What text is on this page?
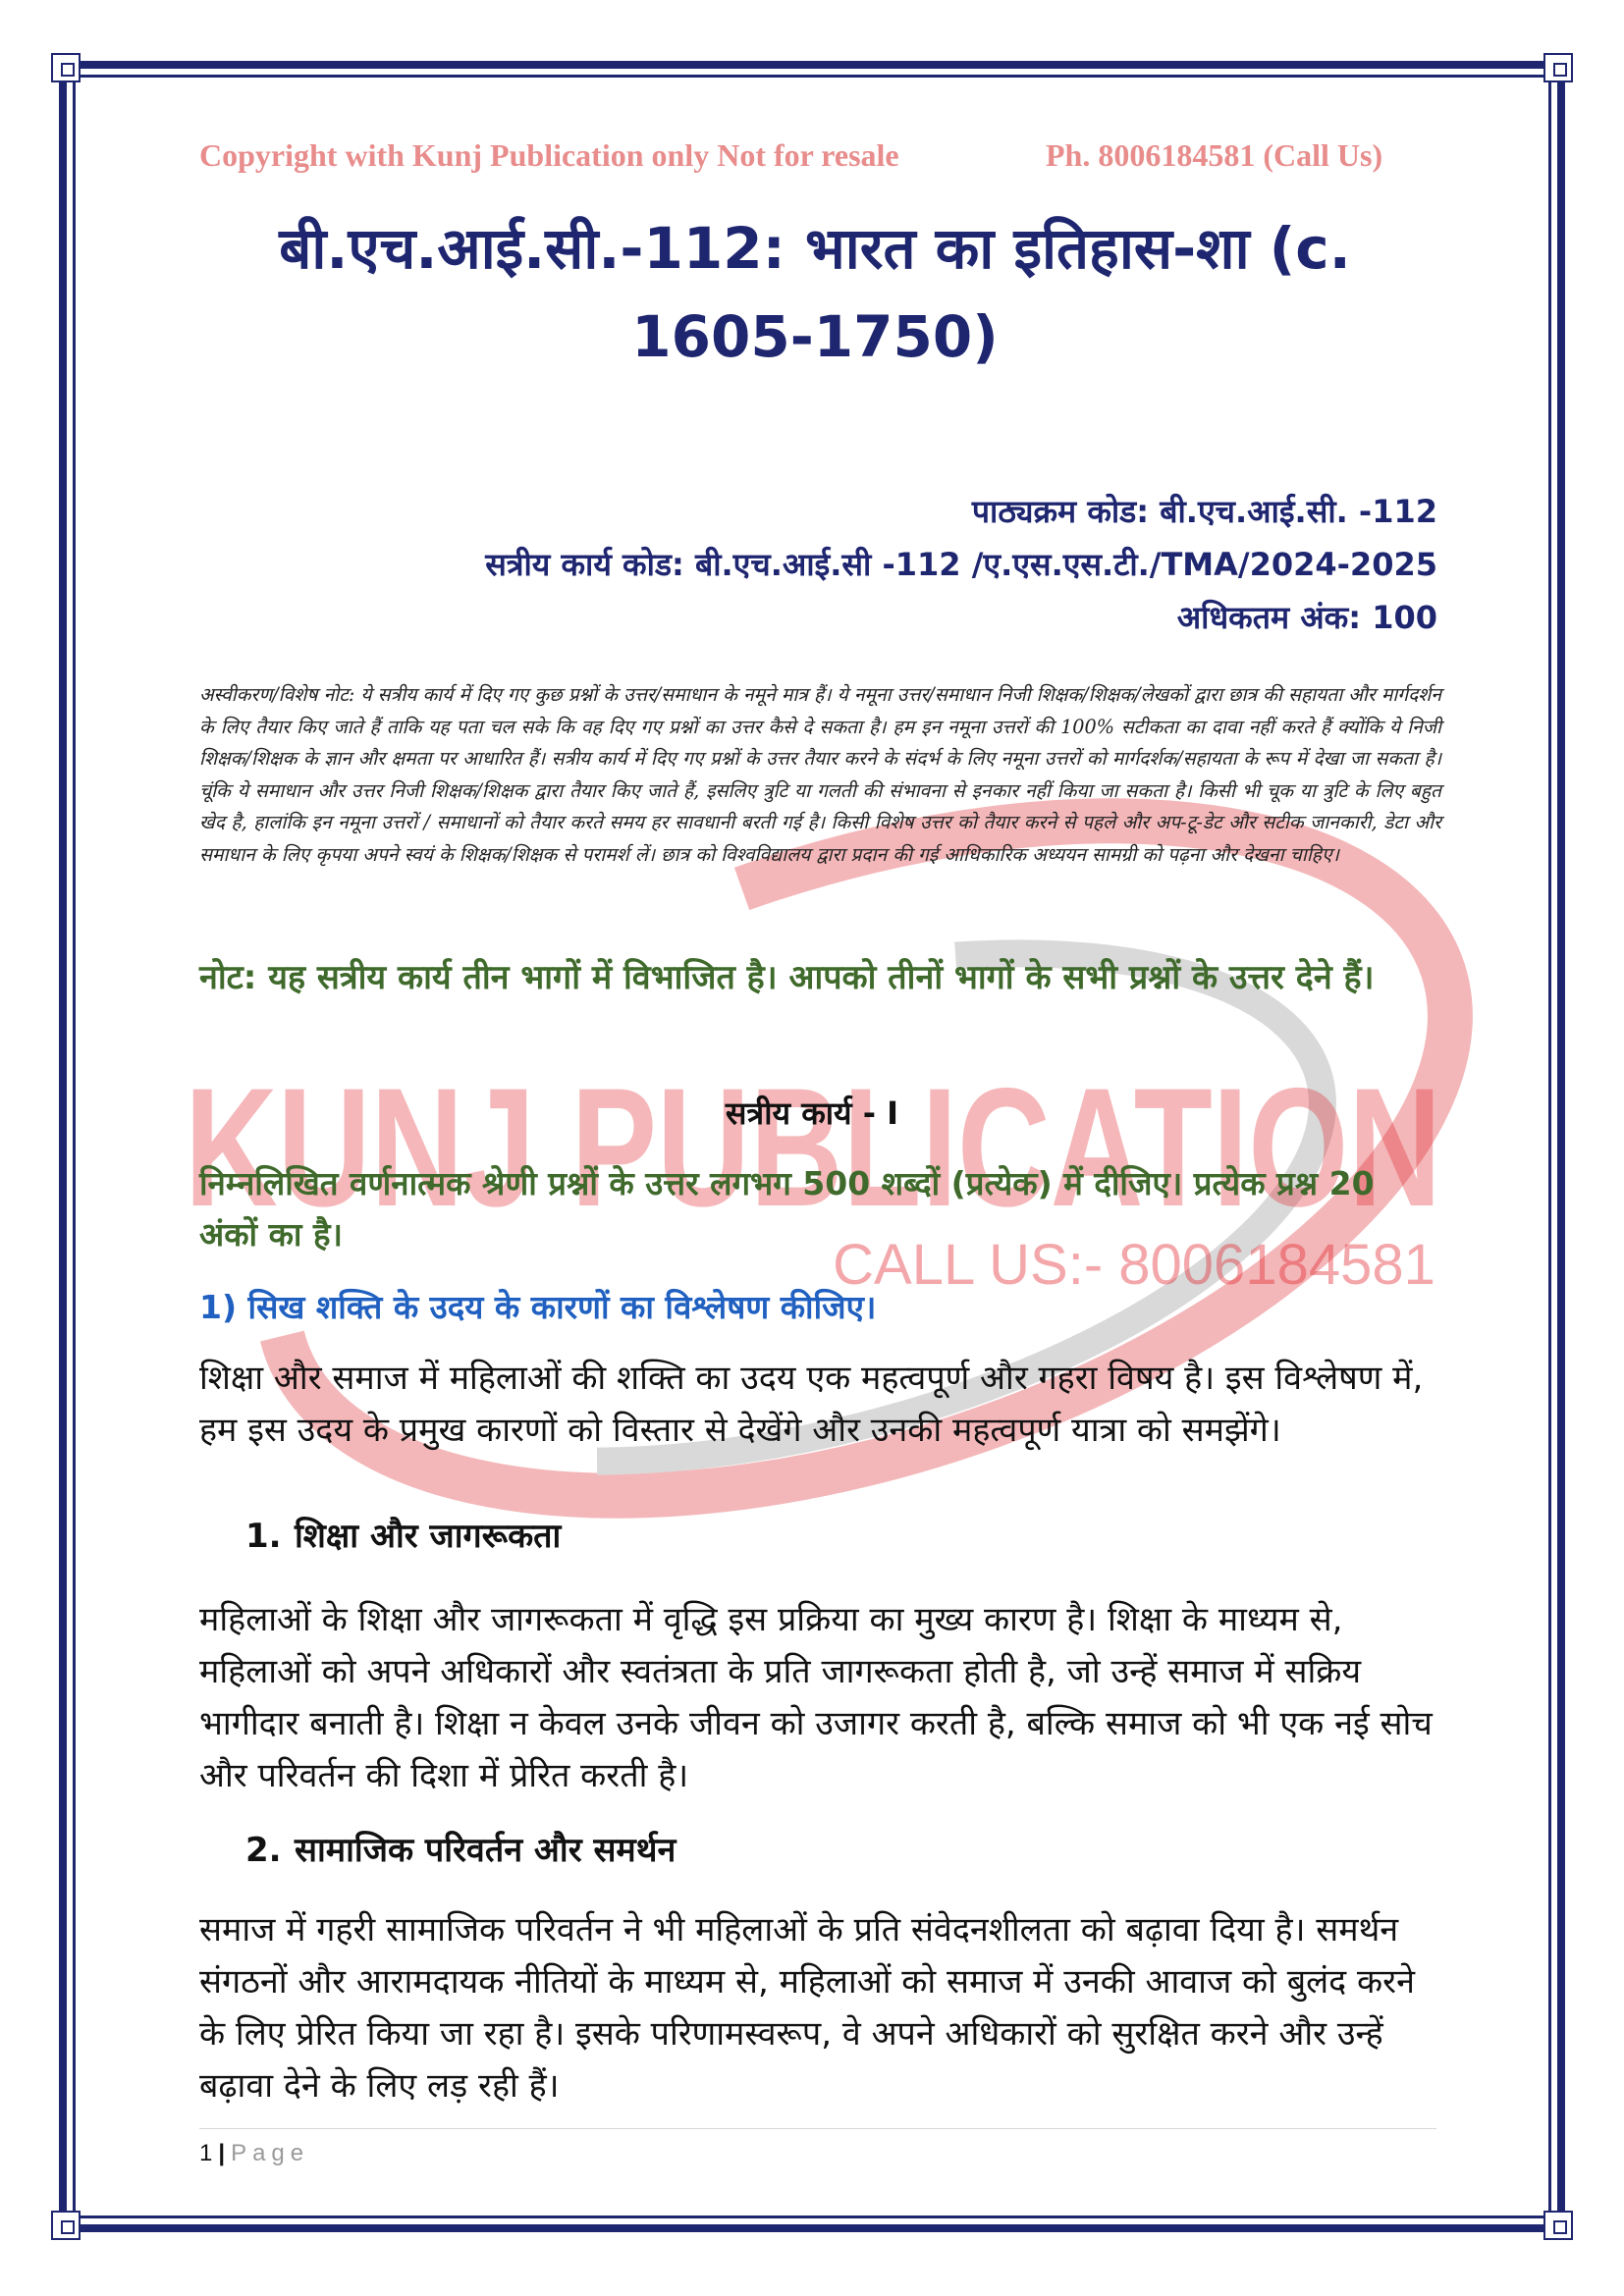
KUNJ PUBLICATION
CALL US:- 8006184581
Copyright with Kunj Publication only Not for resale	Ph. 8006184581 (Call Us)
बी.एच.आई.सी.-112: भारत का इतिहास-शा (c.
1605-1750)
पाठ्यक्रम कोड: बी.एच.आई.सी. -112
सत्रीय कार्य कोड: बी.एच.आई.सी -112 /ए.एस.एस.टी./TMA/2024-2025
अधिकतम अंक: 100
अस्वीकरण/विशेष नोट: ये सत्रीय कार्य में दिए गए कुछ प्रश्नों के उत्तर/समाधान के नमूने मात्र हैं। ये नमूना उत्तर/समाधान निजी शिक्षक/शिक्षक/लेखकों द्वारा छात्र की सहायता और मार्गदर्शन के लिए तैयार किए जाते हैं ताकि यह पता चल सके कि वह दिए गए प्रश्नों का उत्तर कैसे दे सकता है। हम इन नमूना उत्तरों की 100% सटीकता का दावा नहीं करते हैं क्योंकि ये निजी शिक्षक/शिक्षक के ज्ञान और क्षमता पर आधारित हैं। सत्रीय कार्य में दिए गए प्रश्नों के उत्तर तैयार करने के संदर्भ के लिए नमूना उत्तरों को मार्गदर्शक/सहायता के रूप में देखा जा सकता है। चूंकि ये समाधान और उत्तर निजी शिक्षक/शिक्षक द्वारा तैयार किए जाते हैं, इसलिए त्रुटि या गलती की संभावना से इनकार नहीं किया जा सकता है। किसी भी चूक या त्रुटि के लिए बहुत खेद है, हालांकि इन नमूना उत्तरों / समाधानों को तैयार करते समय हर सावधानी बरती गई है। किसी विशेष उत्तर को तैयार करने से पहले और अप-टू-डेट और सटीक जानकारी, डेटा और समाधान के लिए कृपया अपने स्वयं के शिक्षक/शिक्षक से परामर्श लें। छात्र को विश्वविद्यालय द्वारा प्रदान की गई आधिकारिक अध्ययन सामग्री को पढ़ना और देखना चाहिए।
नोट: यह सत्रीय कार्य तीन भागों में विभाजित है। आपको तीनों भागों के सभी प्रश्नों के उत्तर देने हैं।
सत्रीय कार्य - I
निम्नलिखित वर्णनात्मक श्रेणी प्रश्नों के उत्तर लगभग 500 शब्दों (प्रत्येक) में दीजिए। प्रत्येक प्रश्न 20 अंकों का है।
1) सिख शक्ति के उदय के कारणों का विश्लेषण कीजिए।
शिक्षा और समाज में महिलाओं की शक्ति का उदय एक महत्वपूर्ण और गहरा विषय है। इस विश्लेषण में, हम इस उदय के प्रमुख कारणों को विस्तार से देखेंगे और उनकी महत्वपूर्ण यात्रा को समझेंगे।
1. शिक्षा और जागरूकता
महिलाओं के शिक्षा और जागरूकता में वृद्धि इस प्रक्रिया का मुख्य कारण है। शिक्षा के माध्यम से, महिलाओं को अपने अधिकारों और स्वतंत्रता के प्रति जागरूकता होती है, जो उन्हें समाज में सक्रिय भागीदार बनाती है। शिक्षा न केवल उनके जीवन को उजागर करती है, बल्कि समाज को भी एक नई सोच और परिवर्तन की दिशा में प्रेरित करती है।
2. सामाजिक परिवर्तन और समर्थन
समाज में गहरी सामाजिक परिवर्तन ने भी महिलाओं के प्रति संवेदनशीलता को बढ़ावा दिया है। समर्थन संगठनों और आरामदायक नीतियों के माध्यम से, महिलाओं को समाज में उनकी आवाज को बुलंद करने के लिए प्रेरित किया जा रहा है। इसके परिणामस्वरूप, वे अपने अधिकारों को सुरक्षित करने और उन्हें बढ़ावा देने के लिए लड़ रही हैं।
1 | Page
